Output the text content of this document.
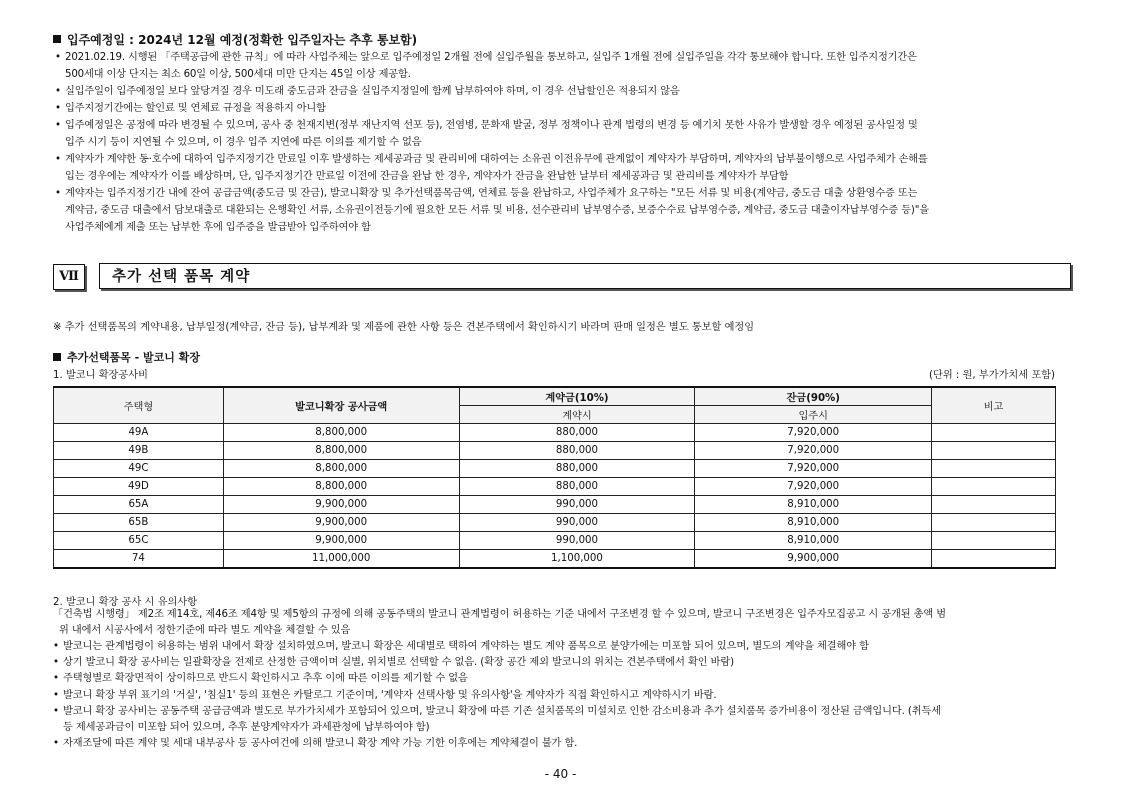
입주예정일 : 2024년 12월 예정(정확한 입주일자는 추후 통보함)
• 2021.02.19. 시행된 「주택공급에 관한 규칙」에 따라 사업주체는 앞으로 입주예정일 2개월 전에 실입주월을 통보하고, 실입주 1개월 전에 실입주일을 각각 통보해야 합니다. 또한 입주지정기간은
500세대 이상 단지는 최소 60일 이상, 500세대 미만 단지는 45일 이상 제공함.
• 실입주일이 입주예정일 보다 앞당겨질 경우 미도래 중도금과 잔금을 실입주지정일에 함께 납부하여야 하며, 이 경우 선납할인은 적용되지 않음
• 입주지정기간에는 할인료 및 연체료 규정을 적용하지 아니함
• 입주예정일은 공정에 따라 변경될 수 있으며, 공사 중 천재지변(정부 재난지역 선포 등), 전염병, 문화재 발굴, 정부 정책이나 관계 법령의 변경 등 예기치 못한 사유가 발생할 경우 예정된 공사일정 및
입주 시기 등이 지연될 수 있으며, 이 경우 입주 지연에 따른 이의를 제기할 수 없음
• 계약자가 계약한 동·호수에 대하여 입주지정기간 만료일 이후 발생하는 제세공과금 및 관리비에 대하여는 소유권 이전유무에 관계없이 계약자가 부담하며, 계약자의 납부불이행으로 사업주체가 손해를
입는 경우에는 계약자가 이를 배상하며, 단, 입주지정기간 만료일 이전에 잔금을 완납 한 경우, 계약자가 잔금을 완납한 날부터 제세공과금 및 관리비를 계약자가 부담함
• 계약자는 입주지정기간 내에 잔여 공급금액(중도금 및 잔금), 발코니확장 및 추가선택품목금액, 연체료 등을 완납하고, 사업주체가 요구하는 "모든 서류 및 비용(계약금, 중도금 대출 상환영수증 또는
계약금, 중도금 대출에서 담보대출로 대환되는 은행확인 서류, 소유권이전등기에 필요한 모든 서류 및 비용, 선수관리비 납부영수증, 보증수수료 납부영수증, 계약금, 중도금 대출이자납부영수증 등)"을
사업주체에게 제출 또는 납부한 후에 입주증을 발급받아 입주하여야 함
Ⅶ	추가 선택 품목 계약
※ 추가 선택품목의 계약내용, 납부일정(계약금, 잔금 등), 납부계좌 및 제품에 관한 사항 등은 견본주택에서 확인하시기 바라며 판매 일정은 별도 통보할 예정임
추가선택품목 - 발코니 확장
1. 발코니 확장공사비	(단위 : 원, 부가가치세 포함)
주택형	발코니확장 공사금액	계약금(10%)	잔금(90%)	비고
		계약시	입주시	
49A	8,800,000	880,000	7,920,000	
49B	8,800,000	880,000	7,920,000	
49C	8,800,000	880,000	7,920,000	
49D	8,800,000	880,000	7,920,000	
65A	9,900,000	990,000	8,910,000	
65B	9,900,000	990,000	8,910,000	
65C	9,900,000	990,000	8,910,000	
74	11,000,000	1,100,000	9,900,000	
2. 발코니 확장 공사 시 유의사항
「건축법 시행령」 제2조 제14호, 제46조 제4항 및 제5항의 규정에 의해 공동주택의 발코니 관계법령이 허용하는 기준 내에서 구조변경 할 수 있으며, 발코니 구조변경은 입주자모집공고 시 공개된 총액 범
위 내에서 시공사에서 정한기준에 따라 별도 계약을 체결할 수 있음
• 발코니는 관계법령이 허용하는 범위 내에서 확장 설치하였으며, 발코니 확장은 세대별로 택하여 계약하는 별도 계약 품목으로 분양가에는 미포함 되어 있으며, 별도의 계약을 체결해야 함
• 상기 발코니 확장 공사비는 일괄확장을 전제로 산정한 금액이며 실별, 위치별로 선택할 수 없음. (확장 공간 제외 발코니의 위치는 견본주택에서 확인 바람)
• 주택형별로 확장면적이 상이하므로 반드시 확인하시고 추후 이에 따른 이의를 제기할 수 없음
• 발코니 확장 부위 표기의 '거실', '침실1' 등의 표현은 카탈로그 기준이며, '계약자 선택사항 및 유의사항'을 계약자가 직접 확인하시고 계약하시기 바람.
• 발코니 확장 공사비는 공동주택 공급금액과 별도로 부가가치세가 포함되어 있으며, 발코니 확장에 따른 기존 설치품목의 미설치로 인한 감소비용과 추가 설치품목 증가비용이 정산된 금액입니다. (취득세
등 제세공과금이 미포함 되어 있으며, 추후 분양계약자가 과세관청에 납부하여야 함)
• 자재조달에 따른 계약 및 세대 내부공사 등 공사여건에 의해 발코니 확장 계약 가능 기한 이후에는 계약체결이 불가 함.
- 40 -
